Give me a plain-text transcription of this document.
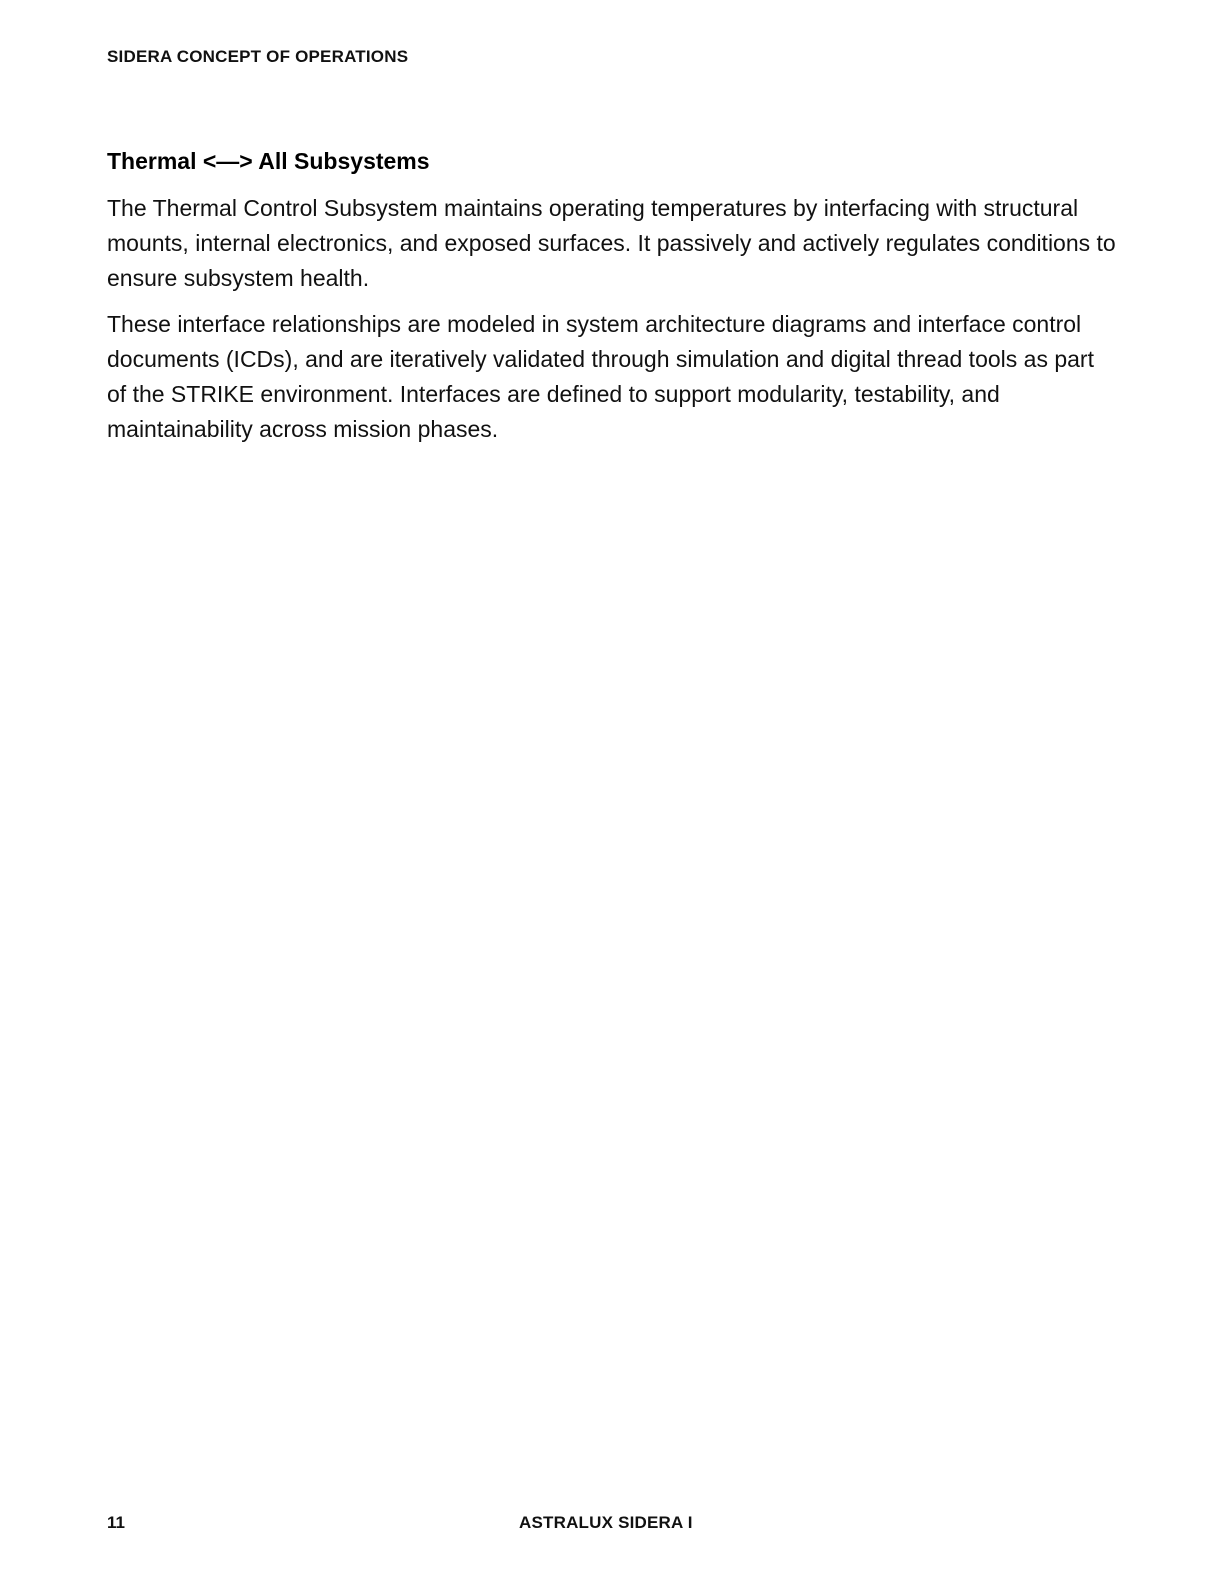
SIDERA CONCEPT OF OPERATIONS
Thermal <—> All Subsystems

The Thermal Control Subsystem maintains operating temperatures by interfacing with structural mounts, internal electronics, and exposed surfaces. It passively and actively regulates conditions to ensure subsystem health.

These interface relationships are modeled in system architecture diagrams and interface control documents (ICDs), and are iteratively validated through simulation and digital thread tools as part of the STRIKE environment. Interfaces are defined to support modularity, testability, and maintainability across mission phases.

11	ASTRALUX SIDERA I
